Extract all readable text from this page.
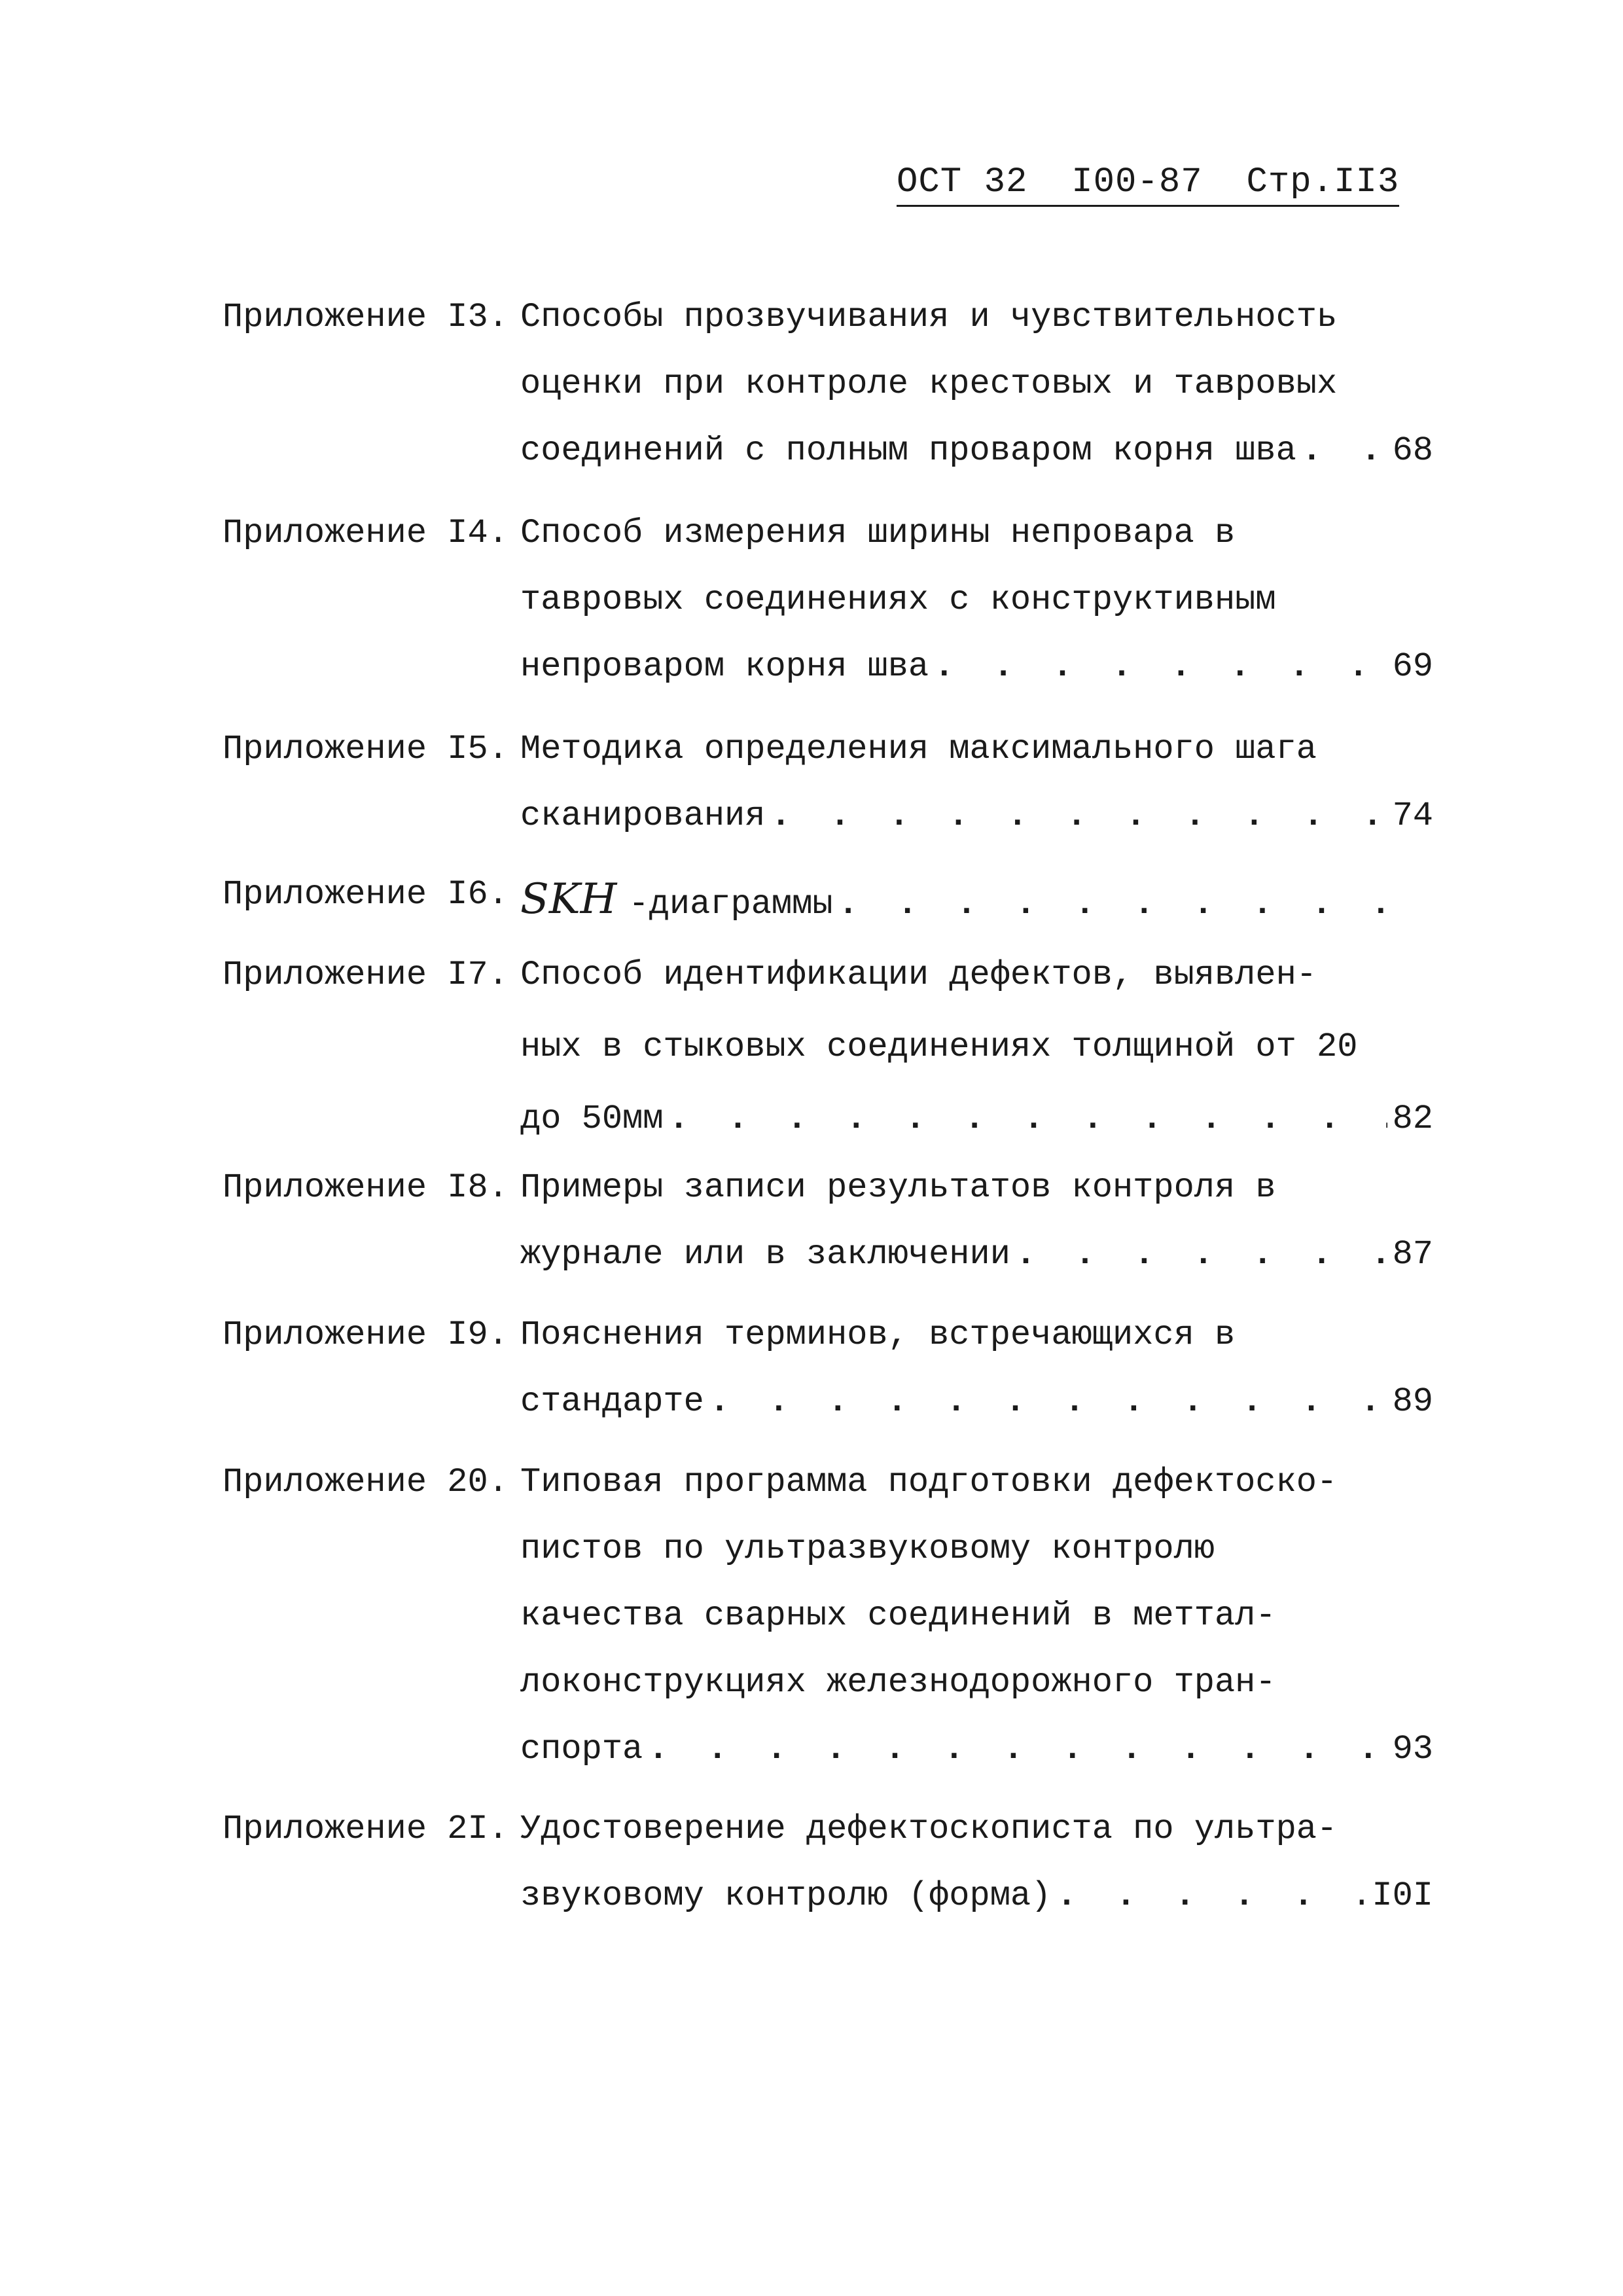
ОСТ 32  I00-87  Стр.II3
Приложение I3. Способы прозвучивания и чувствительность
оценки при контроле крестовых и тавровых
соединений с полным проваром корня шва . . .	68
Приложение I4. Способ измерения ширины непровара в
тавровых соединениях с конструктивным
непроваром корня шва . . .	69
Приложение I5. Методика определения максимального шага
сканирования . . .	74
Приложение I6. SKH -диаграммы
. . .
Приложение I7. Способ идентификации дефектов, выявлен-
ных в стыковых соединениях толщиной от 20
до 50мм . . .	82
Приложение I8. Примеры записи результатов контроля в
журнале или в заключении . . .	87
Приложение I9. Пояснения терминов, встречающихся в
стандарте . . .	89
Приложение 20. Типовая программа подготовки дефектоско-
пистов по ультразвуковому контролю
качества сварных соединений в меттал-
локонструкциях железнодорожного тран-
спорта . . .	93
Приложение 2I. Удостоверение дефектоскописта по ультра-
звуковому контролю (форма) . . .	.I0I
